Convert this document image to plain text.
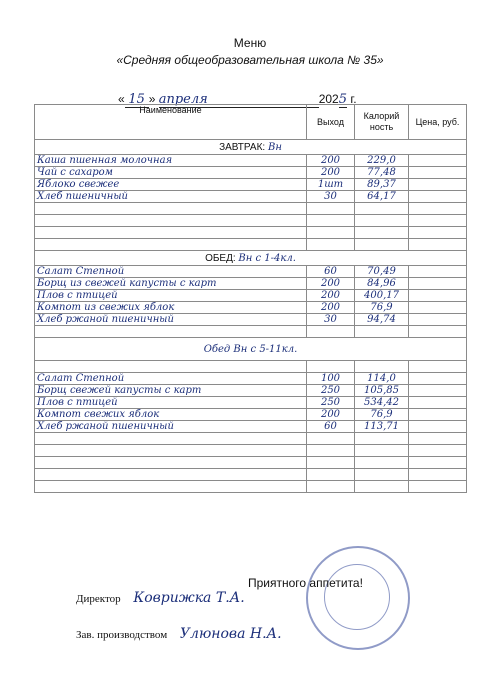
Меню
«Средняя общеобразовательная школа № 35»
« 15 » апреля	2025 г.
Наименование	Выход	Калорий ность	Цена, руб.
ЗАВТРАК: Вн			
Каша пшенная молочная	200	229,0	
Чай с сахаром	200	77,48	
Яблоко свежее	1шт	89,37	
Хлеб пшеничный	30	64,17	

ОБЕД: Вн с 1-4кл.			
Салат Степной	60	70,49	
Борщ из свежей капусты с карт	200	84,96	
Плов с птицей	200	400,17	
Компот из свежих яблок	200	76,9	
Хлеб ржаной пшеничный	30	94,74	

Обед Вн с 5-11кл.			

Салат Степной	100	114,0	
Борщ свежей капусты с карт	250	105,85	
Плов с птицей	250	534,42	
Компот свежих яблок	200	76,9	
Хлеб ржаной пшеничный	60	113,71	

Приятного аппетита!
Директор Коврижка Т.А.
Зав. производством Улюнова Н.А.
